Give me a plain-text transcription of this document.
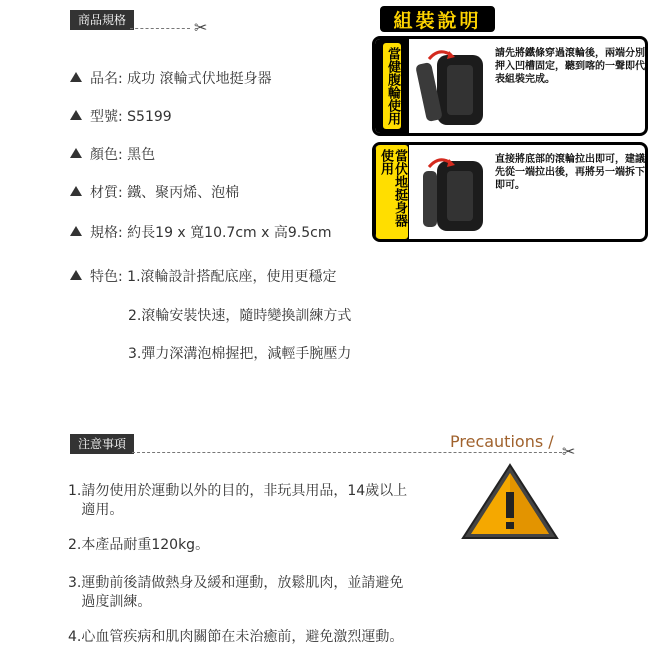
商品規格	✂
品名: 成功 滾輪式伏地挺身器
型號: S5199
顏色: 黑色
材質: 鐵、聚丙烯、泡棉
規格: 約長19 x 寬10.7cm x 高9.5cm
特色: 1.滾輪設計搭配底座，使用更穩定
2.滾輪安裝快速，隨時變換訓練方式
3.彈力深溝泡棉握把，減輕手腕壓力
組裝說明
當健腹輪使用	請先將鐵條穿過滾輪後，兩端分別押入凹槽固定，聽到喀的一聲即代表組裝完成。
當伏地挺身器使用	直接將底部的滾輪拉出即可，建議先從一端拉出後，再將另一端拆下即可。
注意事項	Precautions /
✂
1.請勿使用於運動以外的目的，非玩具用品，14歲以上
適用。
2.本產品耐重120kg。
3.運動前後請做熱身及緩和運動，放鬆肌肉，並請避免
過度訓練。
4.心血管疾病和肌肉關節在未治癒前，避免激烈運動。
